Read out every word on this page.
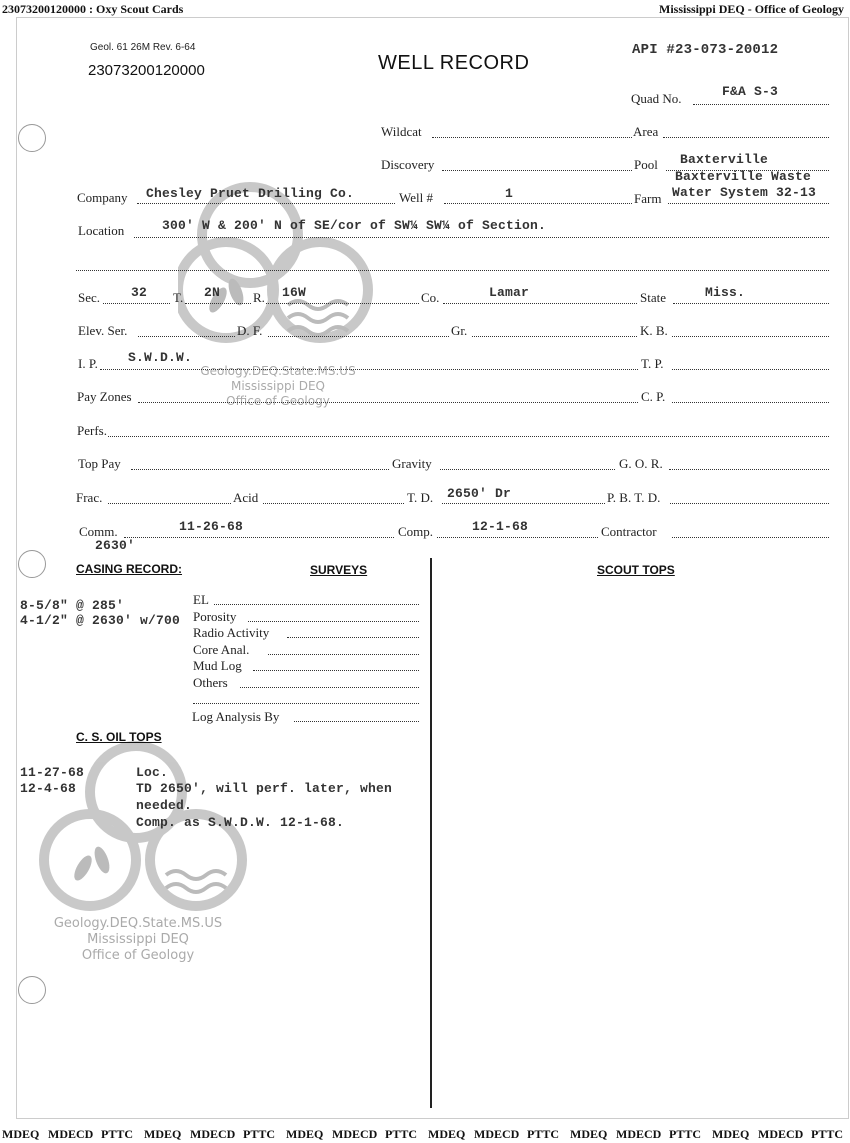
23073200120000 : Oxy Scout Cards	Mississippi DEQ - Office of Geology
Geology.DEQ.State.MS.US
Mississippi DEQ
Office of Geology
Geology.DEQ.State.MS.US
Mississippi DEQ
Office of Geology
Geol. 61 26M Rev. 6-64
23073200120000	WELL RECORD
API #23-073-20012
Quad No.	F&A S-3
Wildcat	Area
Discovery	Pool Baxterville
Company Chesley Pruet Drilling Co.	Well #	1	Farm
Baxterville Waste
Water System 32-13
Location	300' W & 200' N of SE/cor of SW¼ SW¼ of Section.
Sec. 32 T. 2N	R. 16W	Co.	Lamar	State	Miss.
Elev. Ser.	D. F.	Gr.	K. B.
I. P. S.W.D.W.	T. P.
Pay Zones	C. P.
Perfs.
Top Pay	Gravity	G. O. R.
Frac.	Acid	T. D. 2650' Dr	P. B. T. D.
Comm.	11-26-68
2630'
Comp.	12-1-68	Contractor
CASING RECORD:	SURVEYS	SCOUT TOPS
8-5/8" @ 285'
4-1/2" @ 2630' w/700
EL
Porosity
Radio Activity
Core Anal.
Mud Log
Others
Log Analysis By
C. S. OIL TOPS
11-27-68	Loc.
12-4-68	TD 2650', will perf. later, when
needed.
Comp. as S.W.D.W. 12-1-68.
MDEQ MDECD PTTC MDEQ MDECD PTTC MDEQ MDECD PTTC MDEQ MDECD PTTC MDEQ MDECD PTTC MDEQ MDECD PTTC
